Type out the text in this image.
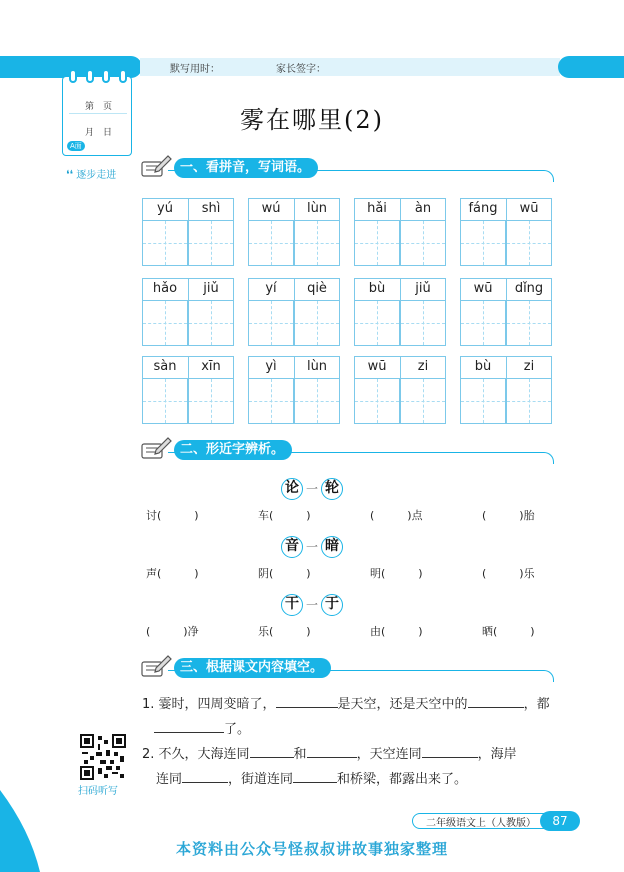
默写用时：	家长签字：
第　页
月　日
A面
❛❛ 逐步走进
雾在哪里(2)
一、看拼音，写词语。
yú	shì	wú	lùn	hǎi	àn	fáng	wū
hǎo	jiǔ	yí	qiè	bù	jiǔ	wū	dǐng
sàn	xīn	yì	lùn	wū	zi	bù	zi
二、形近字辨析。
论 一 轮
讨(　　　)	车(　　　)	(　　　)点	(　　　)胎
音 一 暗
声(　　　)	阴(　　　)	明(　　　)	(　　　)乐
干 一 于
(　　　)净	乐(　　　)	由(　　　)	晒(　　　)
三、根据课文内容填空。
1. 霎时，四周变暗了，	是天空，还是天空中的	，都
了。
2. 不久，大海连同	和	，天空连同	，海岸
连同	，街道连同	和桥梁，都露出来了。
扫码听写
二年级语文上（人教版）	87
本资料由公众号怪叔叔讲故事独家整理
